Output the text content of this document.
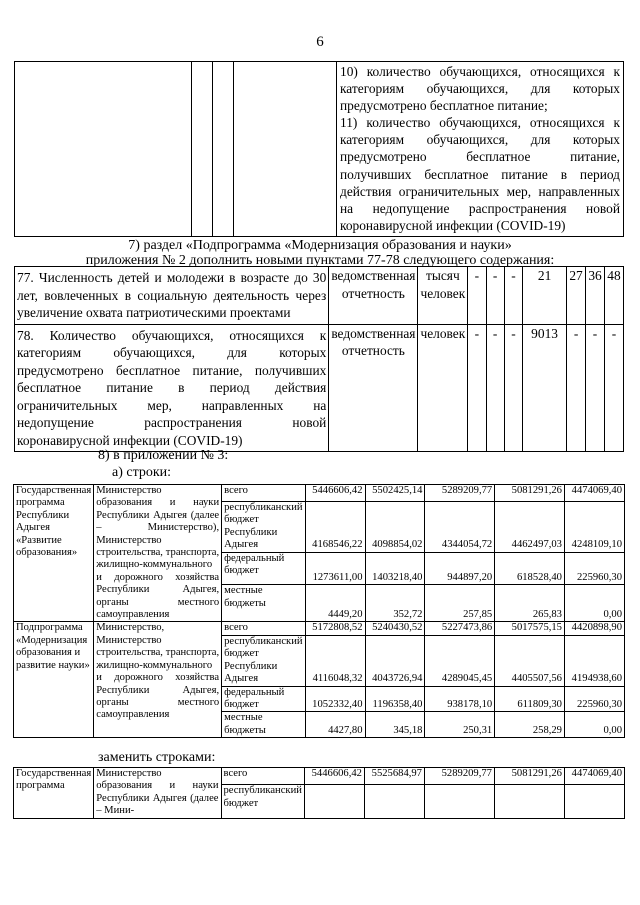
6

10) количество обучающихся, относящихся к категориям обучающихся, для которых предусмотрено бесплатное питание;
11) количество обучающихся, относящихся к категориям обучающихся, для которых предусмотрено бесплатное питание, получивших бесплатное питание в период действия ограничительных мер, направленных на недопущение распространения новой коронавирусной инфекции (COVID-19)
7) раздел «Подпрограмма «Модернизация образования и науки»
приложения № 2 дополнить новыми пунктами 77-78 следующего содержания:
77. Численность детей и молодежи в возрасте до 30 лет, вовлеченных в социальную деятельность через увеличение охвата патриотическими проектами	ведомственная отчетность	тысяч человек	-	-	-	21	27	36	48
78. Количество обучающихся, относящихся к категориям обучающихся, для которых предусмотрено бесплатное питание, получивших бесплатное питание в период действия ограничительных мер, направленных на недопущение распространения новой коронавирусной инфекции (COVID-19)	ведомственная отчетность	человек	-	-	-	9013	-	-	-
8) в приложении № 3:
а) строки:
Государственная программа Республики Адыгея «Развитие образования»	Министерство образования и науки Республики Адыгея (далее – Министерство), Министерство строительства, транспорта, жилищно-коммунального и дорожного хозяйства Республики Адыгея, органы местного самоуправления	всего	5446606,42	5502425,14	5289209,77	5081291,26	4474069,40
		республиканский бюджет Республики Адыгея	4168546,22	4098854,02	4344054,72	4462497,03	4248109,10
		федеральный бюджет	1273611,00	1403218,40	944897,20	618528,40	225960,30
		местные бюджеты	4449,20	352,72	257,85	265,83	0,00
Подпрограмма «Модернизация образования и развитие науки»	Министерство, Министерство строительства, транспорта, жилищно-коммунального и дорожного хозяйства Республики Адыгея, органы местного самоуправления	всего	5172808,52	5240430,52	5227473,86	5017575,15	4420898,90
		республиканский бюджет Республики Адыгея	4116048,32	4043726,94	4289045,45	4405507,56	4194938,60
		федеральный бюджет	1052332,40	1196358,40	938178,10	611809,30	225960,30
		местные бюджеты	4427,80	345,18	250,31	258,29	0,00
заменить строками:
Государственная программа	Министерство образования и науки Республики Адыгея (далее – Мини-	всего	5446606,42	5525684,97	5289209,77	5081291,26	4474069,40
		республиканский бюджет					
